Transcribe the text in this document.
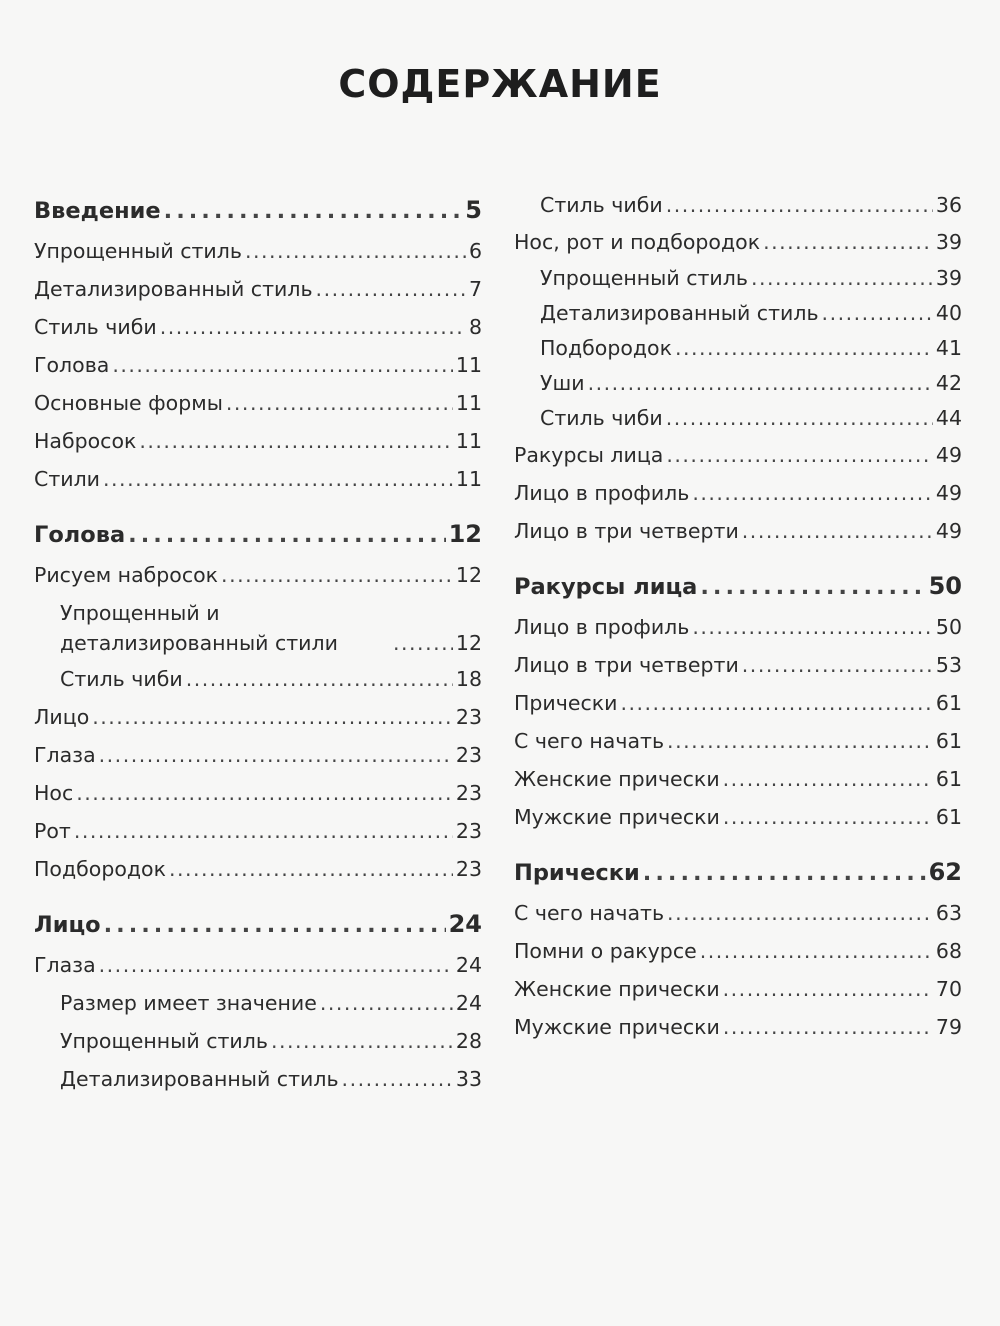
СОДЕРЖАНИЕ
Введение .....	5
Упрощенный стиль .....	6
Детализированный стиль .....	7
Стиль чиби .....	8
Голова .....	11
Основные формы .....	11
Набросок .....	11
Стили .....	11
Голова .....	12
Рисуем набросок .....	12
Упрощенный и детализированный стили .....	12
Стиль чиби .....	18
Лицо .....	23
Глаза .....	23
Нос .....	23
Рот .....	23
Подбородок .....	23
Лицо .....	24
Глаза .....	24
Размер имеет значение .....	24
Упрощенный стиль .....	28
Детализированный стиль .....	33
Стиль чиби .....	36
Нос, рот и подбородок .....	39
Упрощенный стиль .....	39
Детализированный стиль .....	40
Подбородок .....	41
Уши .....	42
Стиль чиби .....	44
Ракурсы лица .....	49
Лицо в профиль .....	49
Лицо в три четверти .....	49
Ракурсы лица .....	50
Лицо в профиль .....	50
Лицо в три четверти .....	53
Прически .....	61
С чего начать .....	61
Женские прически .....	61
Мужские прически .....	61
Прически .....	62
С чего начать .....	63
Помни о ракурсе .....	68
Женские прически .....	70
Мужские прически .....	79
